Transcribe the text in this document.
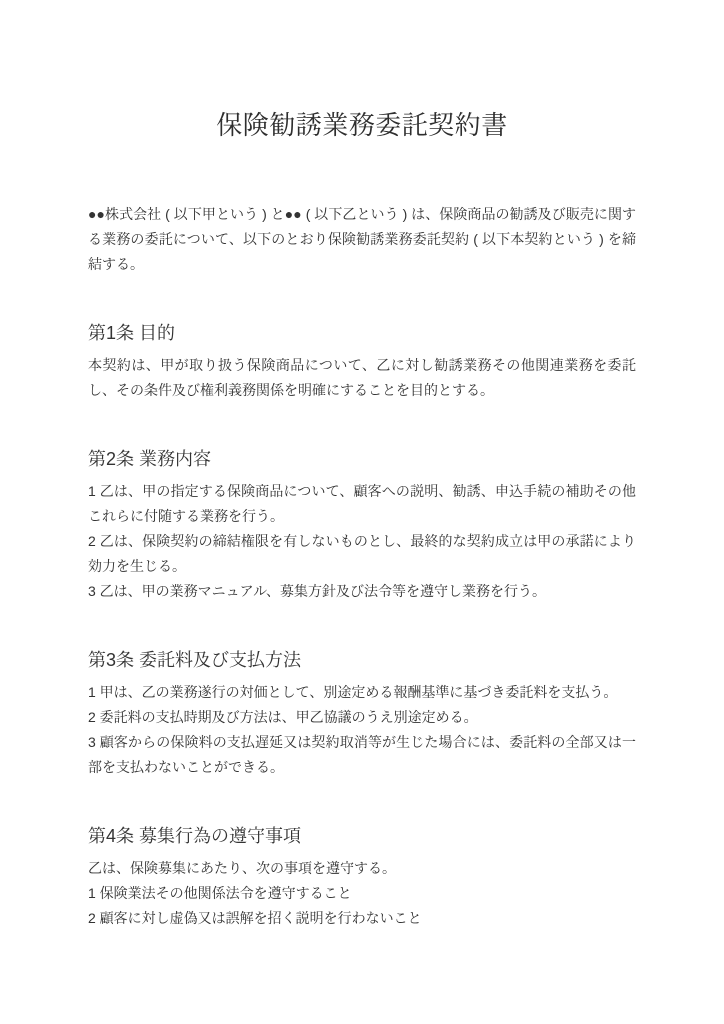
保険勧誘業務委託契約書

●●株式会社 ( 以下甲という ) と●● ( 以下乙という ) は、保険商品の勧誘及び販売に関する業務の委託について、以下のとおり保険勧誘業務委託契約 ( 以下本契約という ) を締結する。

第1条 目的

本契約は、甲が取り扱う保険商品について、乙に対し勧誘業務その他関連業務を委託し、その条件及び権利義務関係を明確にすることを目的とする。

第2条 業務内容

1 乙は、甲の指定する保険商品について、顧客への説明、勧誘、申込手続の補助その他これらに付随する業務を行う。

2 乙は、保険契約の締結権限を有しないものとし、最終的な契約成立は甲の承諾により効力を生じる。

3 乙は、甲の業務マニュアル、募集方針及び法令等を遵守し業務を行う。

第3条 委託料及び支払方法

1 甲は、乙の業務遂行の対価として、別途定める報酬基準に基づき委託料を支払う。

2 委託料の支払時期及び方法は、甲乙協議のうえ別途定める。

3 顧客からの保険料の支払遅延又は契約取消等が生じた場合には、委託料の全部又は一部を支払わないことができる。

第4条 募集行為の遵守事項

乙は、保険募集にあたり、次の事項を遵守する。

1 保険業法その他関係法令を遵守すること

2 顧客に対し虚偽又は誤解を招く説明を行わないこと
